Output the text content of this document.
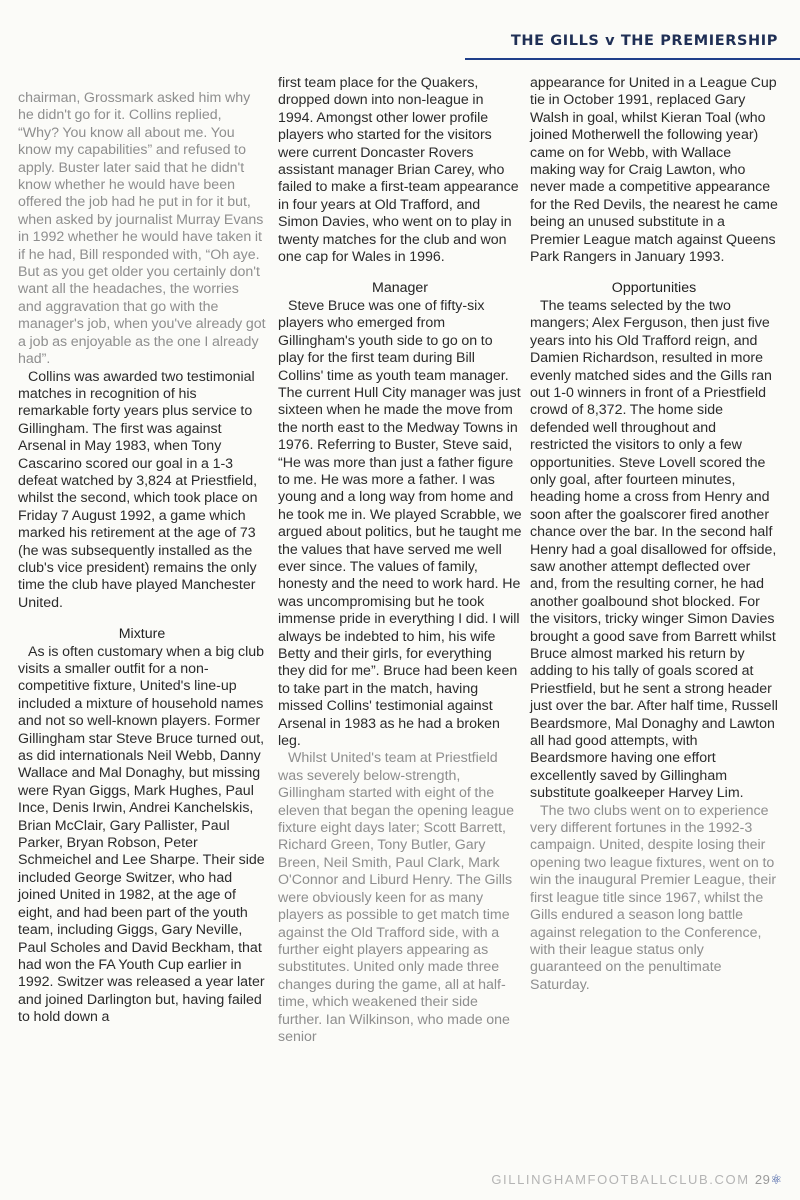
THE GILLS v THE PREMIERSHIP

chairman, Grossmark asked him why he didn't go for it. Collins replied, “Why? You know all about me. You know my capabilities” and refused to apply. Buster later said that he didn't know whether he would have been offered the job had he put in for it but, when asked by journalist Murray Evans in 1992 whether he would have taken it if he had, Bill responded with, “Oh aye. But as you get older you certainly don't want all the headaches, the worries and aggravation that go with the manager's job, when you've already got a job as enjoyable as the one I already had”.

Collins was awarded two testimonial matches in recognition of his remarkable forty years plus service to Gillingham. The first was against Arsenal in May 1983, when Tony Cascarino scored our goal in a 1-3 defeat watched by 3,824 at Priestfield, whilst the second, which took place on Friday 7 August 1992, a game which marked his retirement at the age of 73 (he was subsequently installed as the club's vice president) remains the only time the club have played Manchester United.

Mixture

As is often customary when a big club visits a smaller outfit for a non-competitive fixture, United's line-up included a mixture of household names and not so well-known players. Former Gillingham star Steve Bruce turned out, as did internationals Neil Webb, Danny Wallace and Mal Donaghy, but missing were Ryan Giggs, Mark Hughes, Paul Ince, Denis Irwin, Andrei Kanchelskis, Brian McClair, Gary Pallister, Paul Parker, Bryan Robson, Peter Schmeichel and Lee Sharpe. Their side included George Switzer, who had joined United in 1982, at the age of eight, and had been part of the youth team, including Giggs, Gary Neville, Paul Scholes and David Beckham, that had won the FA Youth Cup earlier in 1992. Switzer was released a year later and joined Darlington but, having failed to hold down a

first team place for the Quakers, dropped down into non-league in 1994. Amongst other lower profile players who started for the visitors were current Doncaster Rovers assistant manager Brian Carey, who failed to make a first-team appearance in four years at Old Trafford, and Simon Davies, who went on to play in twenty matches for the club and won one cap for Wales in 1996.

Manager

Steve Bruce was one of fifty-six players who emerged from Gillingham's youth side to go on to play for the first team during Bill Collins' time as youth team manager. The current Hull City manager was just sixteen when he made the move from the north east to the Medway Towns in 1976. Referring to Buster, Steve said, “He was more than just a father figure to me. He was more a father. I was young and a long way from home and he took me in. We played Scrabble, we argued about politics, but he taught me the values that have served me well ever since. The values of family, honesty and the need to work hard. He was uncompromising but he took immense pride in everything I did. I will always be indebted to him, his wife Betty and their girls, for everything they did for me”. Bruce had been keen to take part in the match, having missed Collins' testimonial against Arsenal in 1983 as he had a broken leg.

Whilst United's team at Priestfield was severely below-strength, Gillingham started with eight of the eleven that began the opening league fixture eight days later; Scott Barrett, Richard Green, Tony Butler, Gary Breen, Neil Smith, Paul Clark, Mark O'Connor and Liburd Henry. The Gills were obviously keen for as many players as possible to get match time against the Old Trafford side, with a further eight players appearing as substitutes. United only made three changes during the game, all at half-time, which weakened their side further. Ian Wilkinson, who made one senior

appearance for United in a League Cup tie in October 1991, replaced Gary Walsh in goal, whilst Kieran Toal (who joined Motherwell the following year) came on for Webb, with Wallace making way for Craig Lawton, who never made a competitive appearance for the Red Devils, the nearest he came being an unused substitute in a Premier League match against Queens Park Rangers in January 1993.

Opportunities

The teams selected by the two mangers; Alex Ferguson, then just five years into his Old Trafford reign, and Damien Richardson, resulted in more evenly matched sides and the Gills ran out 1-0 winners in front of a Priestfield crowd of 8,372. The home side defended well throughout and restricted the visitors to only a few opportunities. Steve Lovell scored the only goal, after fourteen minutes, heading home a cross from Henry and soon after the goalscorer fired another chance over the bar. In the second half Henry had a goal disallowed for offside, saw another attempt deflected over and, from the resulting corner, he had another goalbound shot blocked. For the visitors, tricky winger Simon Davies brought a good save from Barrett whilst Bruce almost marked his return by adding to his tally of goals scored at Priestfield, but he sent a strong header just over the bar. After half time, Russell Beardsmore, Mal Donaghy and Lawton all had good attempts, with Beardsmore having one effort excellently saved by Gillingham substitute goalkeeper Harvey Lim.

The two clubs went on to experience very different fortunes in the 1992-3 campaign. United, despite losing their opening two league fixtures, went on to win the inaugural Premier League, their first league title since 1967, whilst the Gills endured a season long battle against relegation to the Conference, with their league status only guaranteed on the penultimate Saturday.

GILLINGHAMFOOTBALLCLUB.COM 29⚛
